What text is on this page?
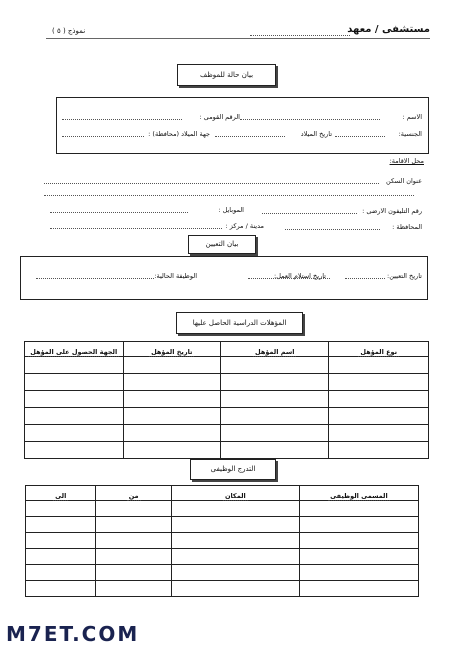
مستشفى / معهد
نموذج ( ٥ )
بيان حالة للموظف
الاسم :
الرقم القومى :
الجنسية:
تاريخ الميلاد
جهة الميلاد (محافظة) :
محل الاقامة:
عنوان السكن
رقم التليفون الارضى :
الموبايل :
المحافظة :
مدينة / مركز :
بيان التعيين
تاريخ التعيين:
تاريخ استلام العمل:
الوظيفة الحالية:
المؤهلات الدراسية الحاصل عليها
الجهة الحصول على المؤهل	تاريخ المؤهل	اسم المؤهل	نوع المؤهل

التدرج الوظيفى
الى	من	المكان	المسمى الوظيفى

M7ET.COM
